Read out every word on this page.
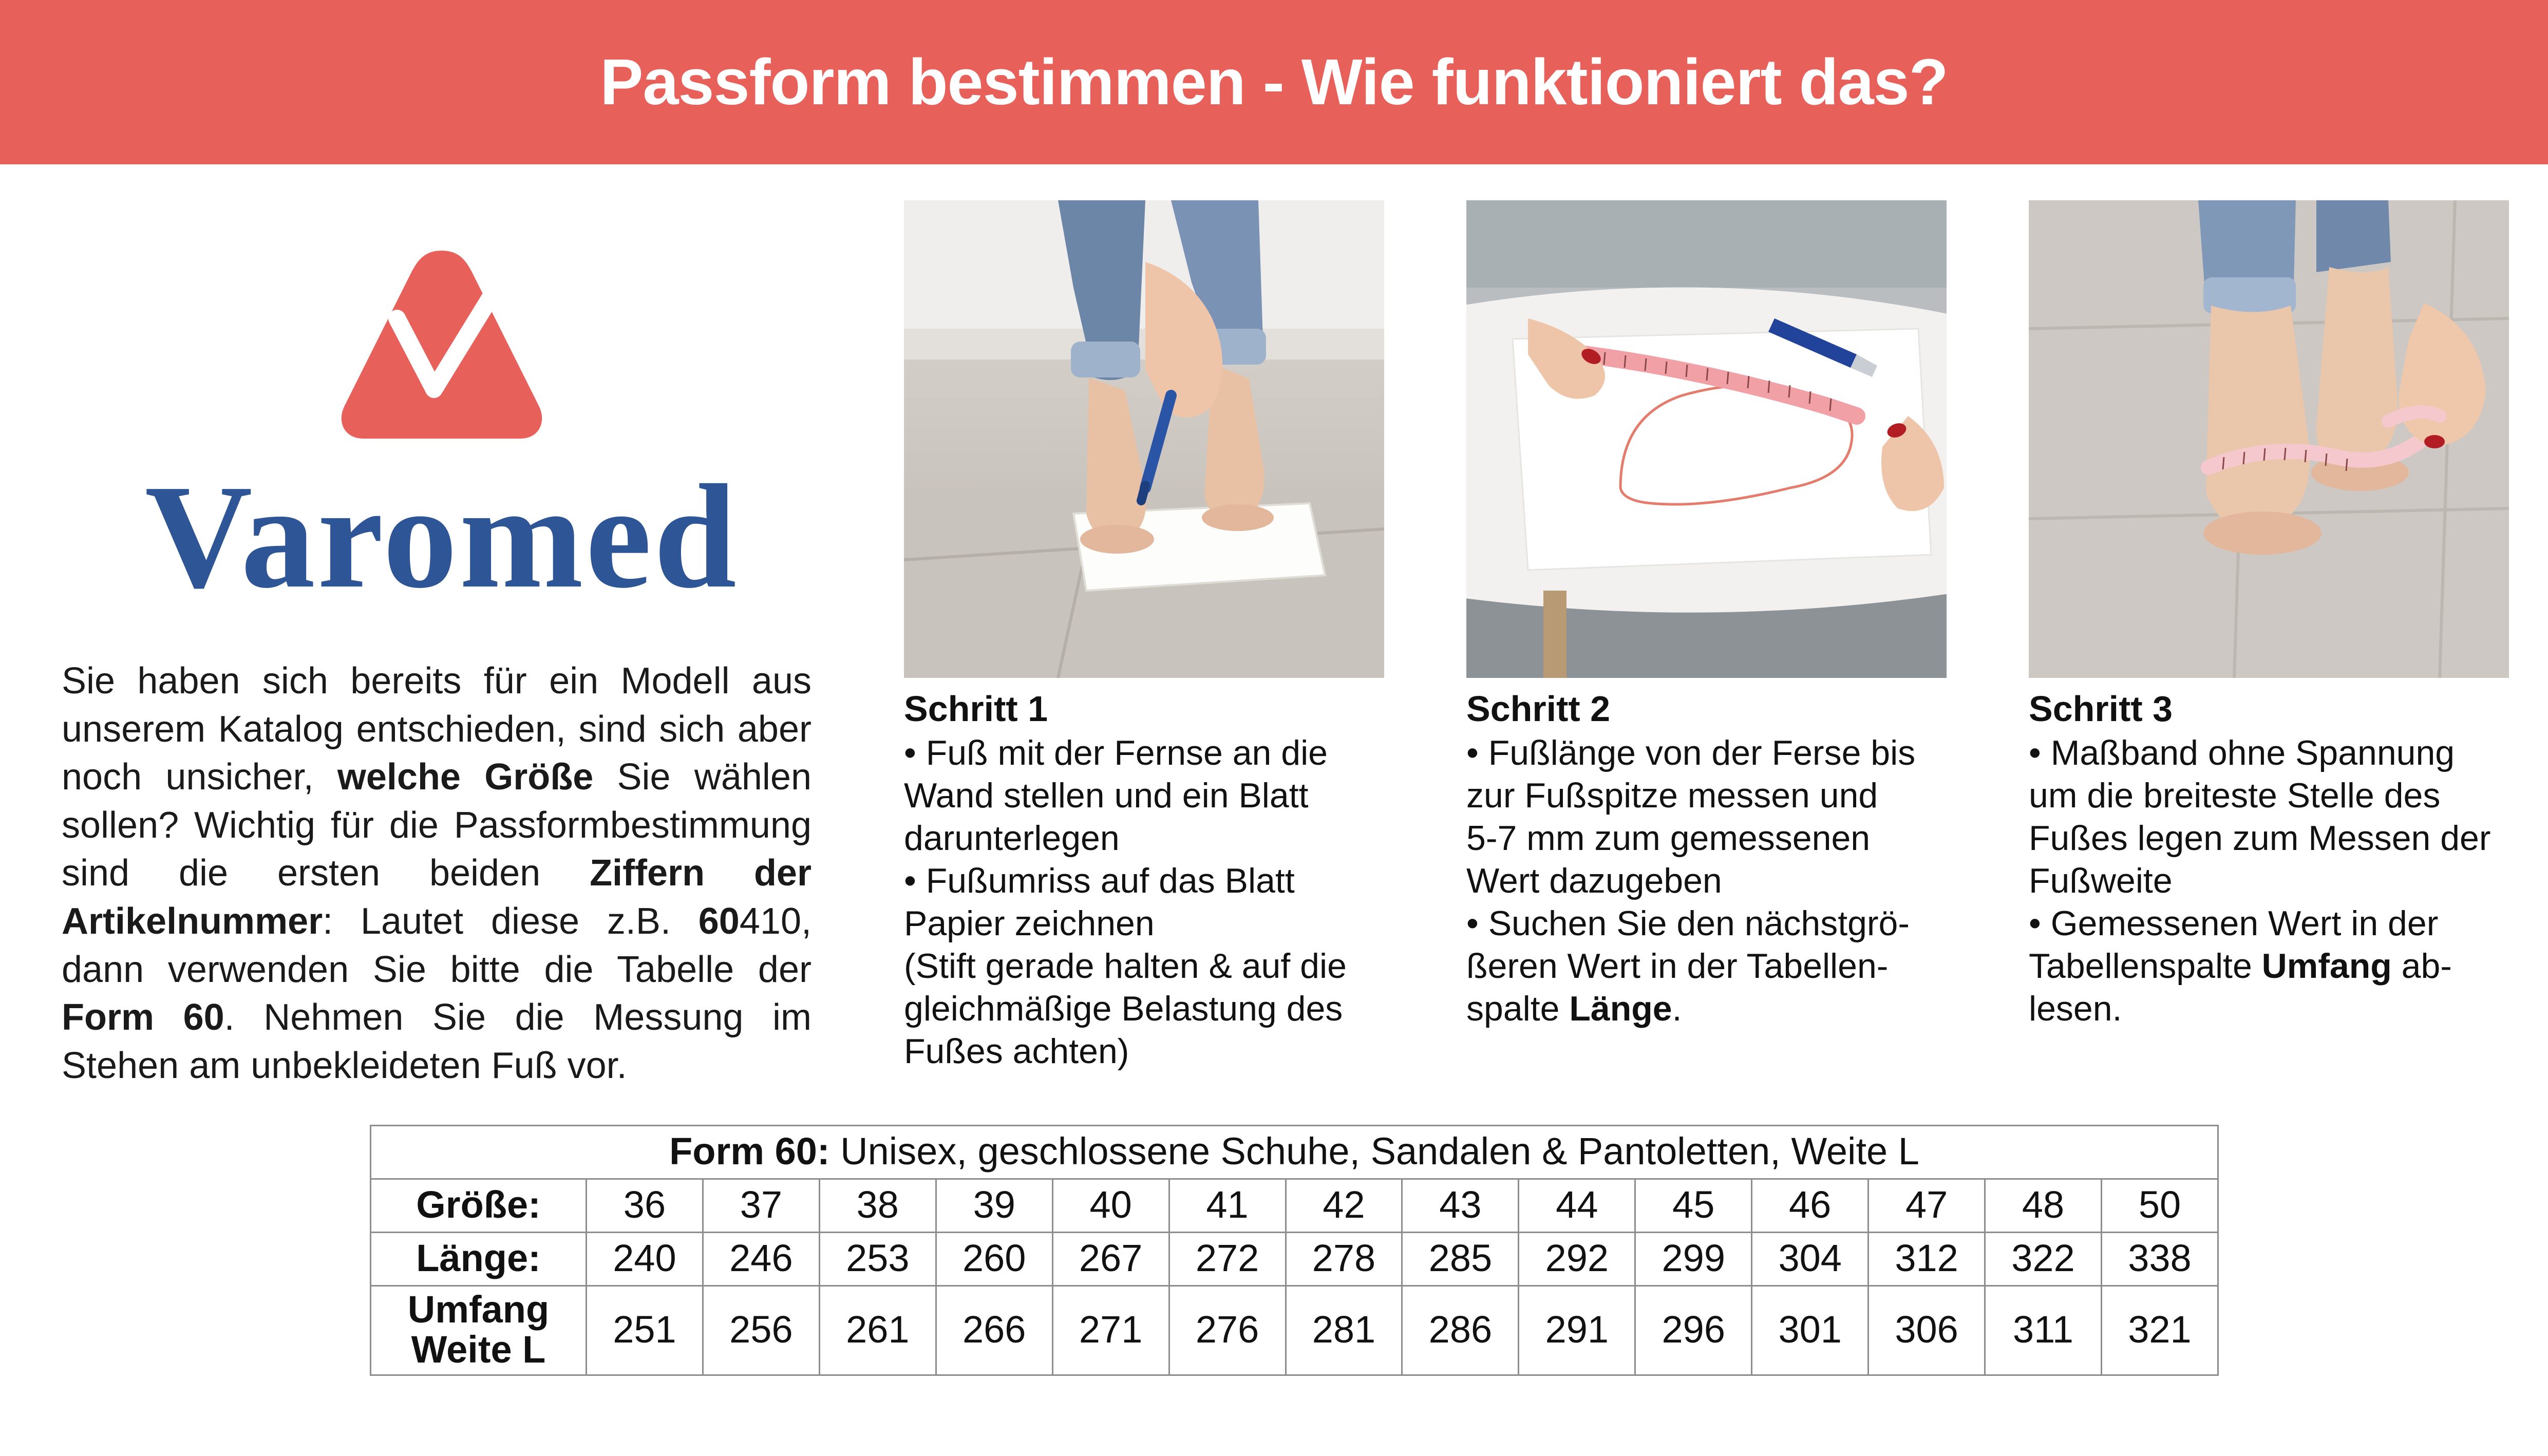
Passform bestimmen - Wie funktioniert das?
Varomed
Sie haben sich bereits für ein Modell aus unserem Katalog entschieden, sind sich aber noch unsicher, welche Größe Sie wählen sollen? Wichtig für die Passformbestimmung sind die ersten beiden Ziffern der Artikelnummer: Lautet diese z.B. 60410, dann verwenden Sie bitte die Tabelle der Form 60. Nehmen Sie die Messung im Stehen am unbekleideten Fuß vor.
Schritt 1
• Fuß mit der Fernse an die
Wand stellen und ein Blatt
darunterlegen
• Fußumriss auf das Blatt
Papier zeichnen
(Stift gerade halten & auf die
gleichmäßige Belastung des
Fußes achten)
Schritt 2
• Fußlänge von der Ferse bis
zur Fußspitze messen und
5-7 mm zum gemessenen
Wert dazugeben
• Suchen Sie den nächstgrö-
ßeren Wert in der Tabellen-
spalte Länge.
Schritt 3
• Maßband ohne Spannung
um die breiteste Stelle des
Fußes legen zum Messen der
Fußweite
• Gemessenen Wert in der
Tabellenspalte Umfang ab-
lesen.
Form 60: Unisex, geschlossene Schuhe, Sandalen & Pantoletten, Weite L														
Größe:	36	37	38	39	40	41	42	43	44	45	46	47	48	50
Länge:	240	246	253	260	267	272	278	285	292	299	304	312	322	338
Umfang
Weite L	251	256	261	266	271	276	281	286	291	296	301	306	311	321
